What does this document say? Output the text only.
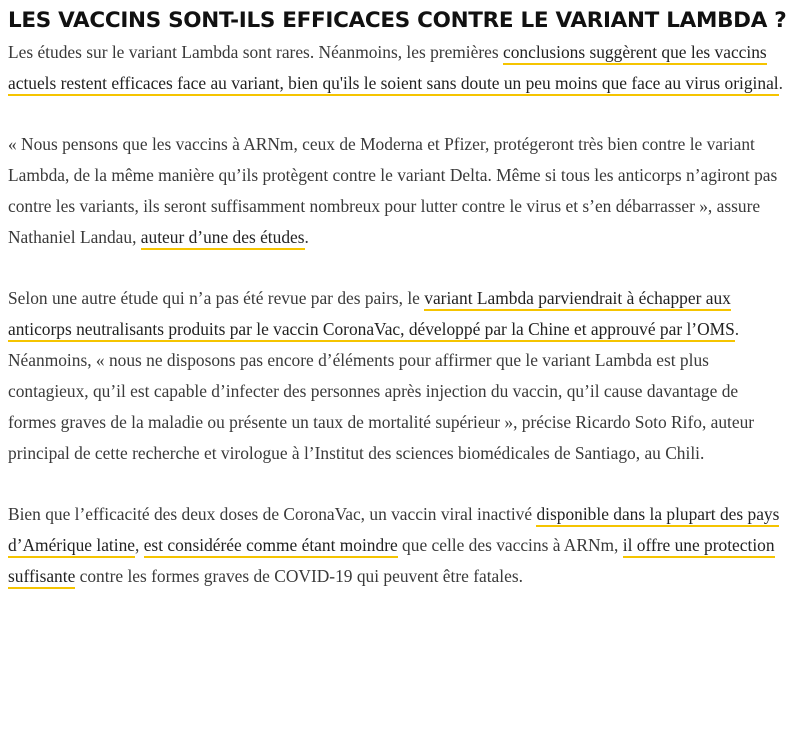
LES VACCINS SONT-ILS EFFICACES CONTRE LE VARIANT LAMBDA ?

Les études sur le variant Lambda sont rares. Néanmoins, les premières conclusions suggèrent que les vaccins actuels restent efficaces face au variant, bien qu'ils le soient sans doute un peu moins que face au virus original.

« Nous pensons que les vaccins à ARNm, ceux de Moderna et Pfizer, protégeront très bien contre le variant Lambda, de la même manière qu’ils protègent contre le variant Delta. Même si tous les anticorps n’agiront pas contre les variants, ils seront suffisamment nombreux pour lutter contre le virus et s’en débarrasser », assure Nathaniel Landau, auteur d’une des études.

Selon une autre étude qui n’a pas été revue par des pairs, le variant Lambda parviendrait à échapper aux anticorps neutralisants produits par le vaccin CoronaVac, développé par la Chine et approuvé par l’OMS. Néanmoins, « nous ne disposons pas encore d’éléments pour affirmer que le variant Lambda est plus contagieux, qu’il est capable d’infecter des personnes après injection du vaccin, qu’il cause davantage de formes graves de la maladie ou présente un taux de mortalité supérieur », précise Ricardo Soto Rifo, auteur principal de cette recherche et virologue à l’Institut des sciences biomédicales de Santiago, au Chili.

Bien que l’efficacité des deux doses de CoronaVac, un vaccin viral inactivé disponible dans la plupart des pays d’Amérique latine, est considérée comme étant moindre que celle des vaccins à ARNm, il offre une protection suffisante contre les formes graves de COVID-19 qui peuvent être fatales.
